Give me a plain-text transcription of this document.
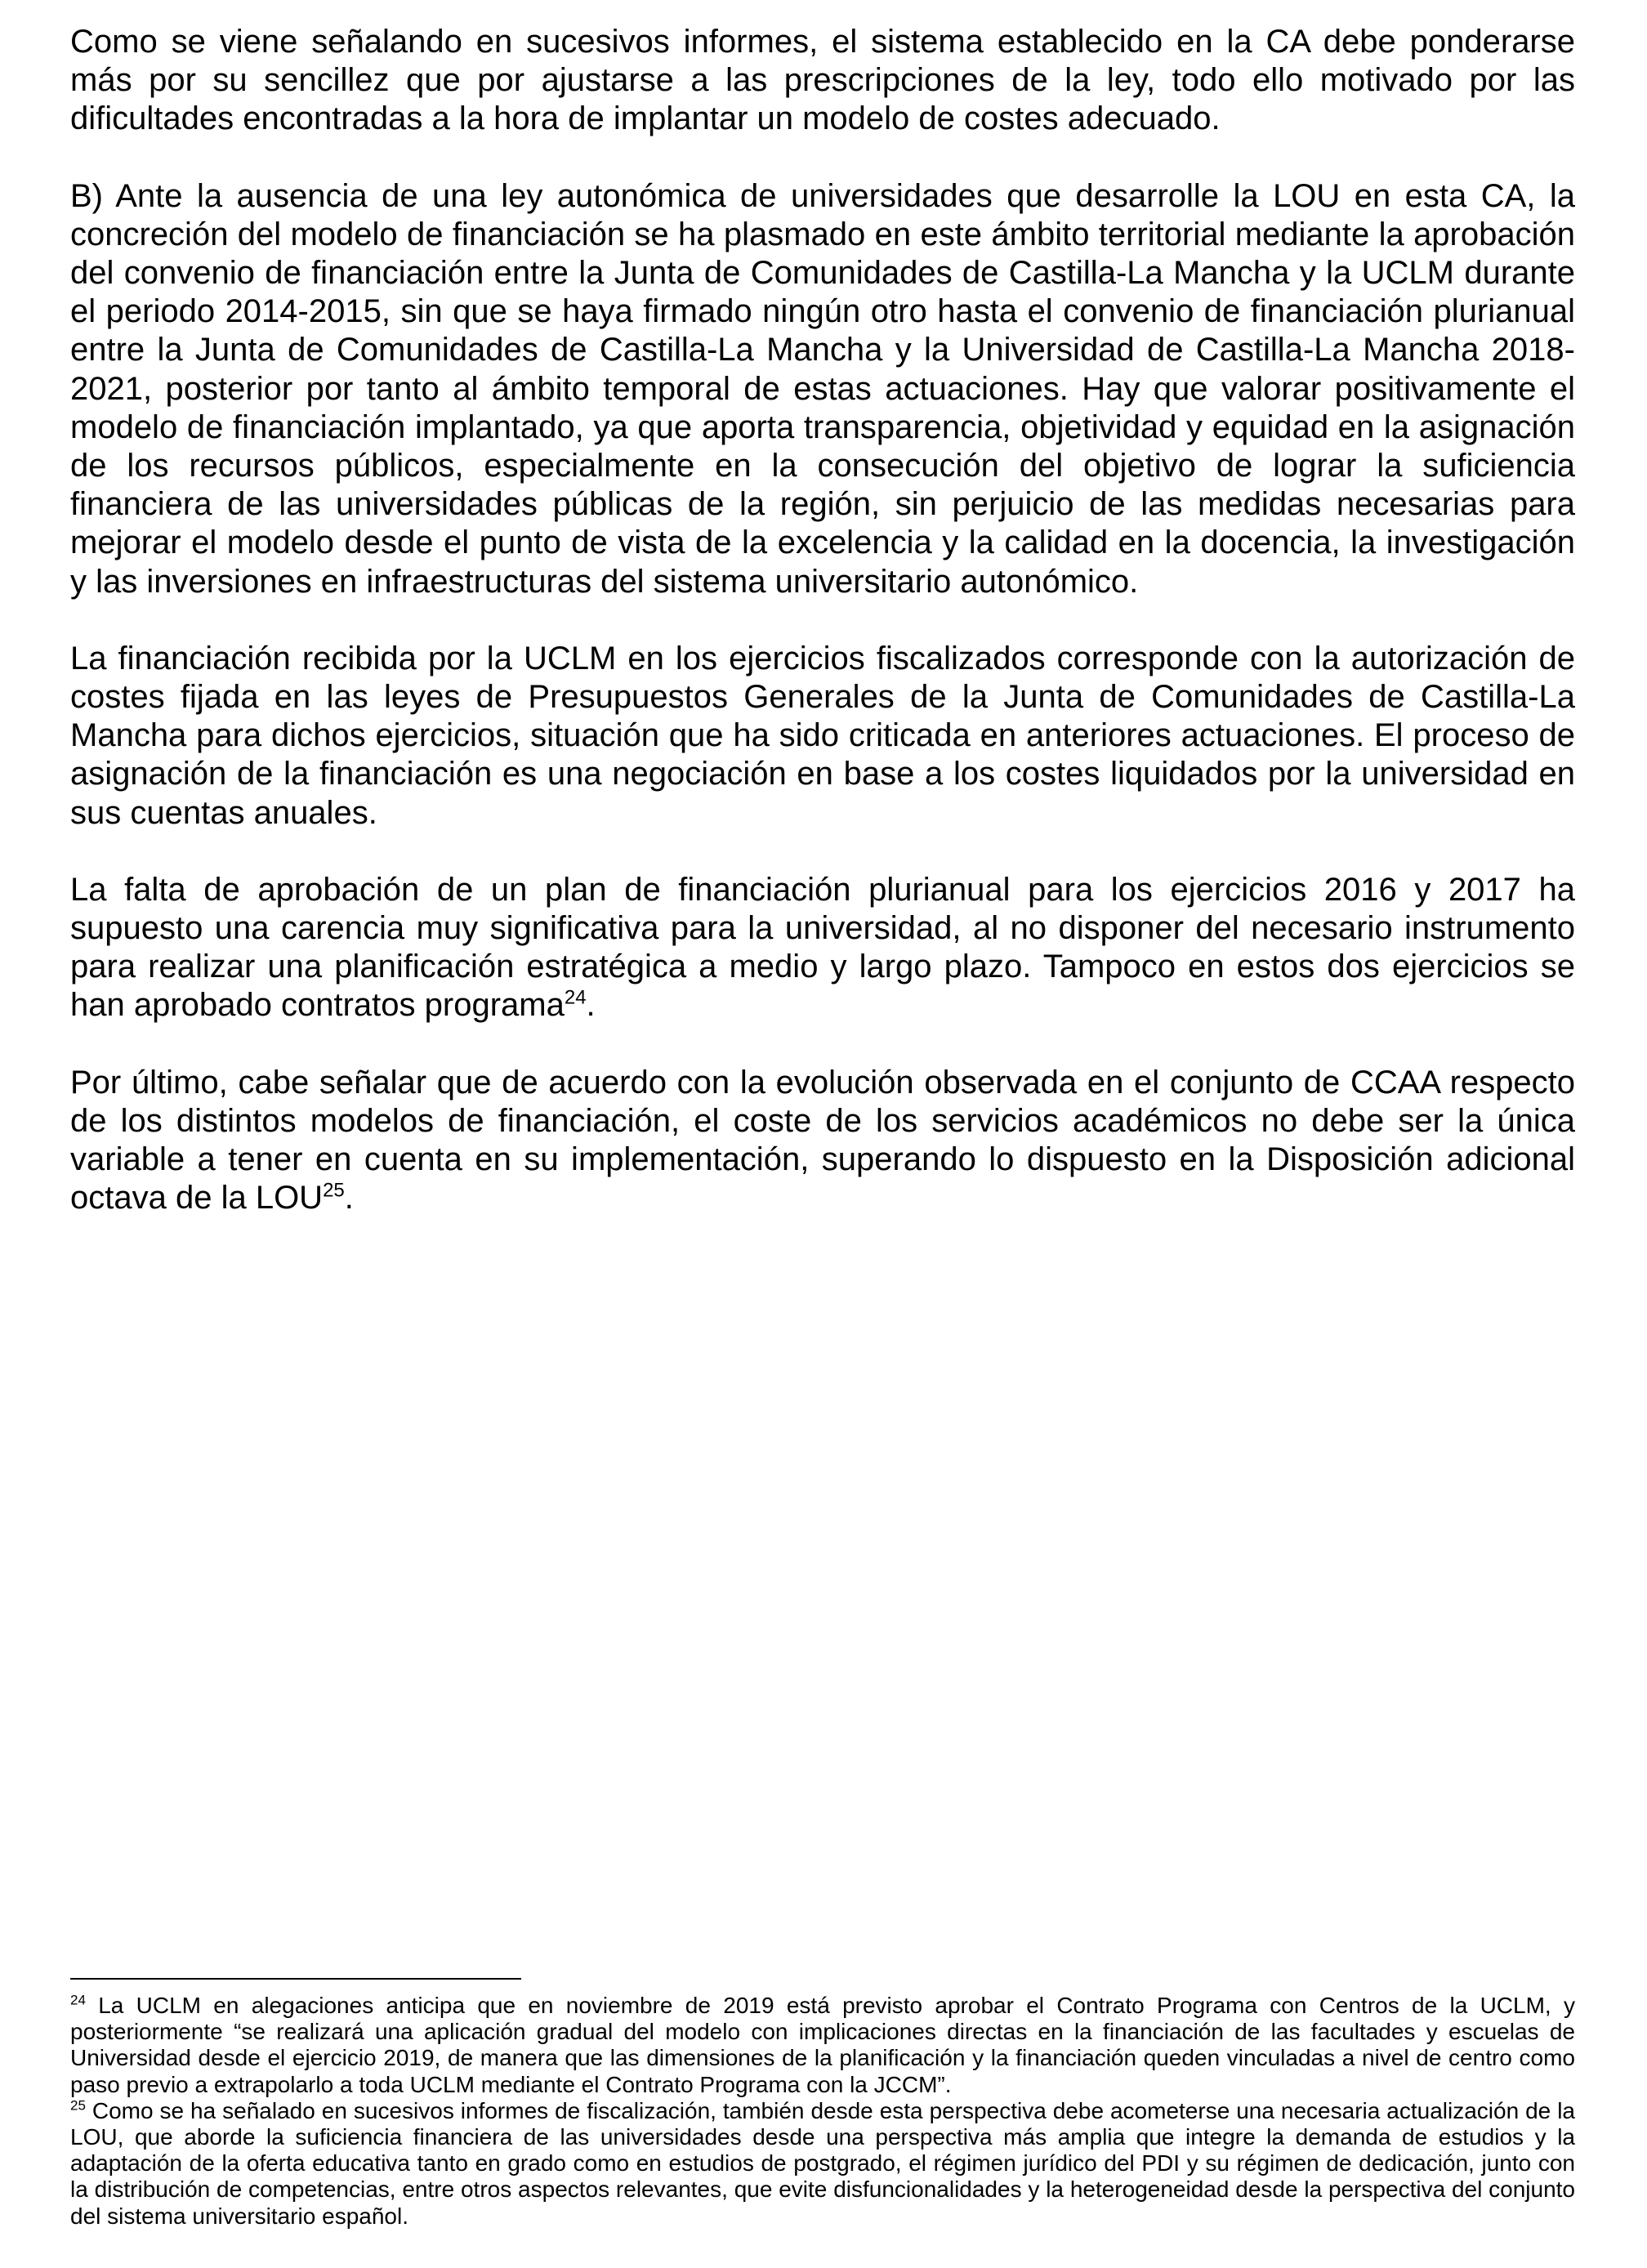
Como se viene señalando en sucesivos informes, el sistema establecido en la CA debe ponderarse más por su sencillez que por ajustarse a las prescripciones de la ley, todo ello motivado por las dificultades encontradas a la hora de implantar un modelo de costes adecuado.

B) Ante la ausencia de una ley autonómica de universidades que desarrolle la LOU en esta CA, la concreción del modelo de financiación se ha plasmado en este ámbito territorial mediante la aprobación del convenio de financiación entre la Junta de Comunidades de Castilla-La Mancha y la UCLM durante el periodo 2014-2015, sin que se haya firmado ningún otro hasta el convenio de financiación plurianual entre la Junta de Comunidades de Castilla-La Mancha y la Universidad de Castilla-La Mancha 2018-2021, posterior por tanto al ámbito temporal de estas actuaciones. Hay que valorar positivamente el modelo de financiación implantado, ya que aporta transparencia, objetividad y equidad en la asignación de los recursos públicos, especialmente en la consecución del objetivo de lograr la suficiencia financiera de las universidades públicas de la región, sin perjuicio de las medidas necesarias para mejorar el modelo desde el punto de vista de la excelencia y la calidad en la docencia, la investigación y las inversiones en infraestructuras del sistema universitario autonómico.

La financiación recibida por la UCLM en los ejercicios fiscalizados corresponde con la autorización de costes fijada en las leyes de Presupuestos Generales de la Junta de Comunidades de Castilla-La Mancha para dichos ejercicios, situación que ha sido criticada en anteriores actuaciones. El proceso de asignación de la financiación es una negociación en base a los costes liquidados por la universidad en sus cuentas anuales.

La falta de aprobación de un plan de financiación plurianual para los ejercicios 2016 y 2017 ha supuesto una carencia muy significativa para la universidad, al no disponer del necesario instrumento para realizar una planificación estratégica a medio y largo plazo. Tampoco en estos dos ejercicios se han aprobado contratos programa$^{24}$.

Por último, cabe señalar que de acuerdo con la evolución observada en el conjunto de CCAA respecto de los distintos modelos de financiación, el coste de los servicios académicos no debe ser la única variable a tener en cuenta en su implementación, superando lo dispuesto en la Disposición adicional octava de la LOU$^{25}$.

$^{24}$ La UCLM en alegaciones anticipa que en noviembre de 2019 está previsto aprobar el Contrato Programa con Centros de la UCLM, y posteriormente “se realizará una aplicación gradual del modelo con implicaciones directas en la financiación de las facultades y escuelas de Universidad desde el ejercicio 2019, de manera que las dimensiones de la planificación y la financiación queden vinculadas a nivel de centro como paso previo a extrapolarlo a toda UCLM mediante el Contrato Programa con la JCCM”.

$^{25}$ Como se ha señalado en sucesivos informes de fiscalización, también desde esta perspectiva debe acometerse una necesaria actualización de la LOU, que aborde la suficiencia financiera de las universidades desde una perspectiva más amplia que integre la demanda de estudios y la adaptación de la oferta educativa tanto en grado como en estudios de postgrado, el régimen jurídico del PDI y su régimen de dedicación, junto con la distribución de competencias, entre otros aspectos relevantes, que evite disfuncionalidades y la heterogeneidad desde la perspectiva del conjunto del sistema universitario español.
